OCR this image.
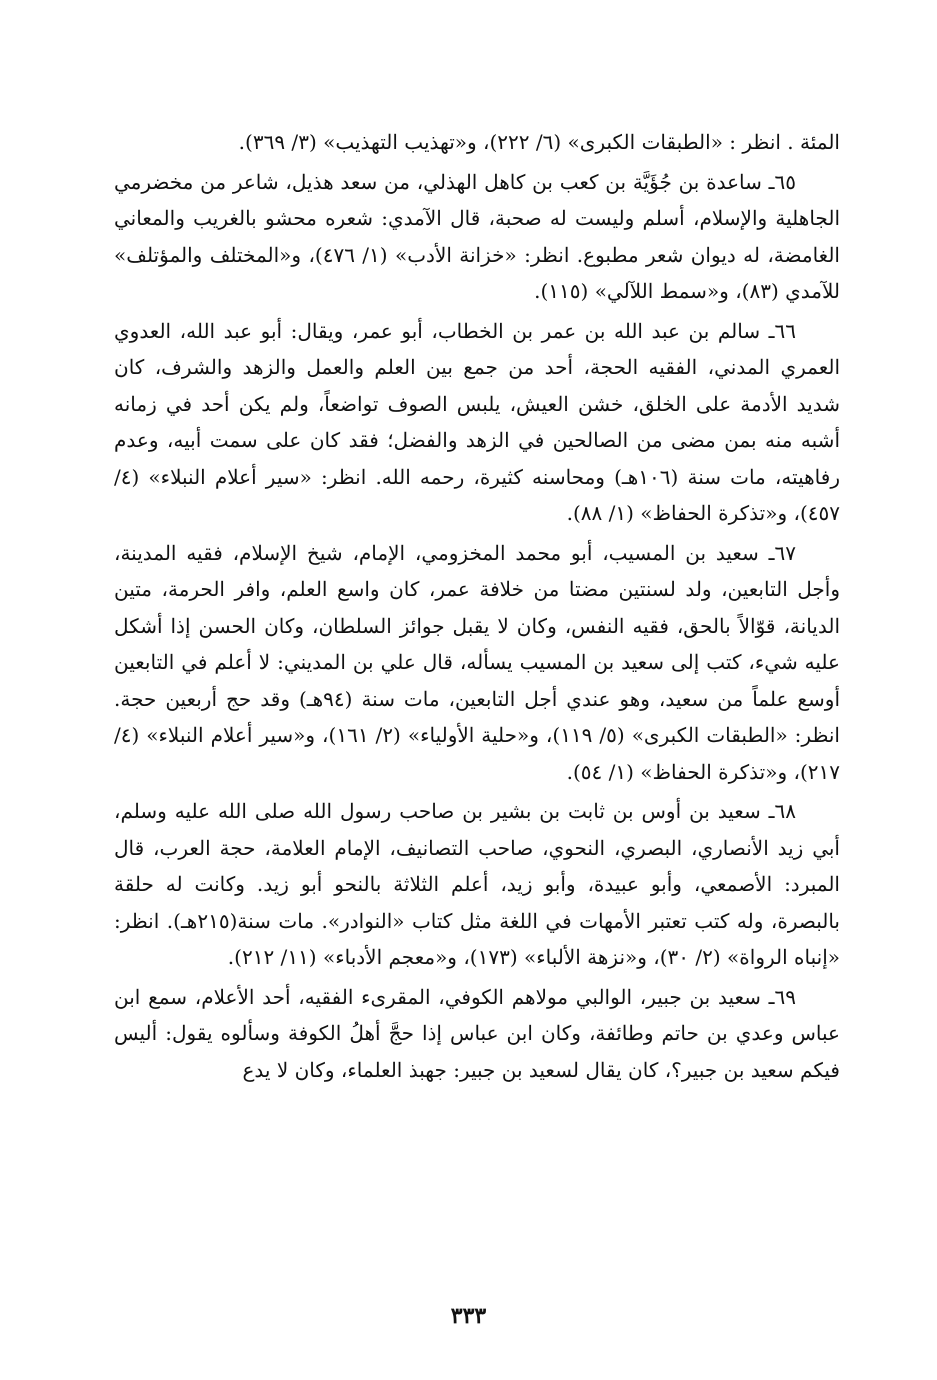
المئة . انظر : «الطبقات الكبرى» (٦/ ٢٢٢)، و«تهذيب التهذيب» (٣/ ٣٦٩).

٦٥ـ ساعدة بن جُؤَيَّة بن كعب بن كاهل الهذلي، من سعد هذيل، شاعر من مخضرمي الجاهلية والإسلام، أسلم وليست له صحبة، قال الآمدي: شعره محشو بالغريب والمعاني الغامضة، له ديوان شعر مطبوع. انظر: «خزانة الأدب» (١/ ٤٧٦)، و«المختلف والمؤتلف» للآمدي (٨٣)، و«سمط اللآلي» (١١٥).

٦٦ـ سالم بن عبد الله بن عمر بن الخطاب، أبو عمر، ويقال: أبو عبد الله، العدوي العمري المدني، الفقيه الحجة، أحد من جمع بين العلم والعمل والزهد والشرف، كان شديد الأدمة على الخلق، خشن العيش، يلبس الصوف تواضعاً، ولم يكن أحد في زمانه أشبه منه بمن مضى من الصالحين في الزهد والفضل؛ فقد كان على سمت أبيه، وعدم رفاهيته، مات سنة (١٠٦هـ) ومحاسنه كثيرة، رحمه الله. انظر: «سير أعلام النبلاء» (٤/ ٤٥٧)، و«تذكرة الحفاظ» (١/ ٨٨).

٦٧ـ سعيد بن المسيب، أبو محمد المخزومي، الإمام، شيخ الإسلام، فقيه المدينة، وأجل التابعين، ولد لسنتين مضتا من خلافة عمر، كان واسع العلم، وافر الحرمة، متين الديانة، قوّالاً بالحق، فقيه النفس، وكان لا يقبل جوائز السلطان، وكان الحسن إذا أشكل عليه شيء، كتب إلى سعيد بن المسيب يسأله، قال علي بن المديني: لا أعلم في التابعين أوسع علماً من سعيد، وهو عندي أجل التابعين، مات سنة (٩٤هـ) وقد حج أربعين حجة. انظر: «الطبقات الكبرى» (٥/ ١١٩)، و«حلية الأولياء» (٢/ ١٦١)، و«سير أعلام النبلاء» (٤/ ٢١٧)، و«تذكرة الحفاظ» (١/ ٥٤).

٦٨ـ سعيد بن أوس بن ثابت بن بشير بن صاحب رسول الله صلى الله عليه وسلم، أبي زيد الأنصاري، البصري، النحوي، صاحب التصانيف، الإمام العلامة، حجة العرب، قال المبرد: الأصمعي، وأبو عبيدة، وأبو زيد، أعلم الثلاثة بالنحو أبو زيد. وكانت له حلقة بالبصرة، وله كتب تعتبر الأمهات في اللغة مثل كتاب «النوادر». مات سنة(٢١٥هـ). انظر: «إنباه الرواة» (٢/ ٣٠)، و«نزهة الألباء» (١٧٣)، و«معجم الأدباء» (١١/ ٢١٢).

٦٩ـ سعيد بن جبير، الوالبي مولاهم الكوفي، المقرىء الفقيه، أحد الأعلام، سمع ابن عباس وعدي بن حاتم وطائفة، وكان ابن عباس إذا حجَّ أهلُ الكوفة وسألوه يقول: أليس فيكم سعيد بن جبير؟، كان يقال لسعيد بن جبير: جهبذ العلماء، وكان لا يدع

٣٣٣
